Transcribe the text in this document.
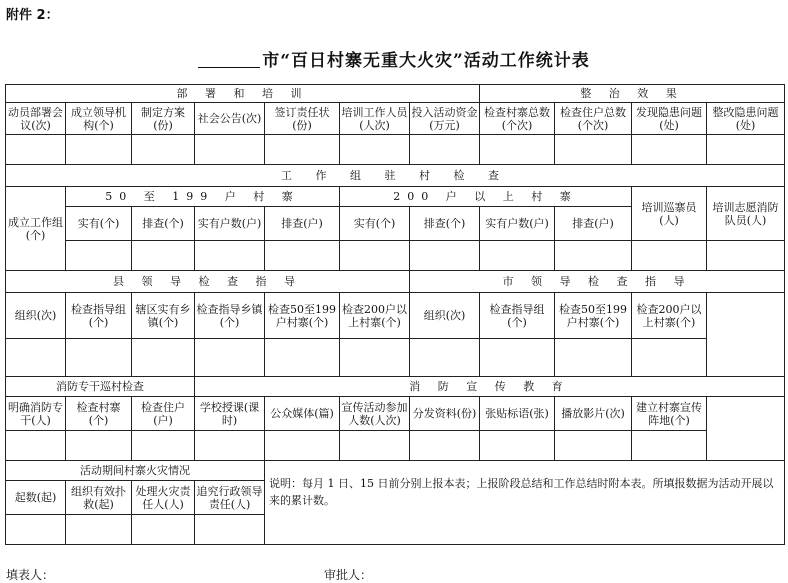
附件 2：
市“百日村寨无重大火灾”活动工作统计表
部 署 和 培 训							整 治 效 果			
动员部署会议(次)	成立领导机构(个)	制定方案(份)	社会公告(次)	签订责任状(份)	培训工作人员(人次)	投入活动资金(万元)	检查村寨总数(个次)	检查住户总数(个次)	发现隐患问题(处)	整改隐患问题(处)

工 作 组 驻 村 检 查										
成立工作组(个)	50 至 199 户 村 寨				200 户 以 上 村 寨				培训巡寨员(人)	培训志愿消防队员(人)
	实有(个)	排查(个)	实有户数(户)	排查(户)	实有(个)	排查(个)	实有户数(户)	排查(户)		

县 领 导 检 查 指 导						市 领 导 检 查 指 导				
组织(次)	检查指导组(个)	辖区实有乡镇(个)	检查指导乡镇(个)	检查50至199户村寨(个)	检查200户以上村寨(个)	组织(次)	检查指导组(个)	检查50至199户村寨(个)	检查200户以上村寨(个)	

消防专干巡村检查			消 防 宣 传 教 育							
明确消防专干(人)	检查村寨(个)	检查住户(户)	学校授课(课时)	公众媒体(篇)	宣传活动参加人数(人次)	分发资料(份)	张贴标语(张)	播放影片(次)	建立村寨宣传阵地(个)	

活动期间村寨火灾情况				说明：每月 1 日、15 日前分别上报本表；上报阶段总结和工作总结时附本表。所填报数据为活动开展以来的累计数。						
起数(起)	组织有效扑救(起)	处理火灾责任人(人)	追究行政领导责任(人)							

填表人：	审批人：
